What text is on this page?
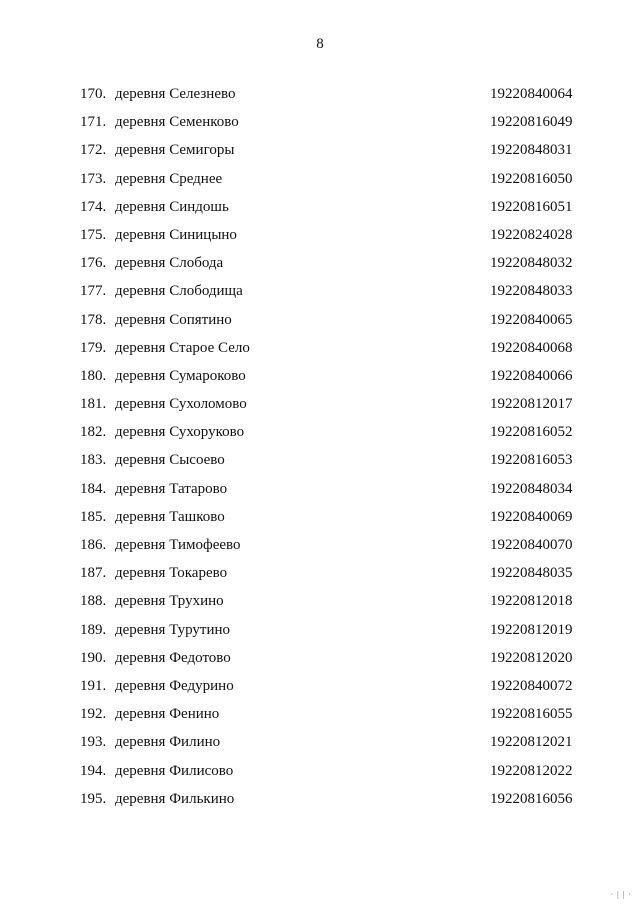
8
170. деревня Селезнево	19220840064
171. деревня Семенково	19220816049
172. деревня Семигоры	19220848031
173. деревня Среднее	19220816050
174. деревня Синдошь	19220816051
175. деревня Синицыно	19220824028
176. деревня Слобода	19220848032
177. деревня Слободища	19220848033
178. деревня Сопятино	19220840065
179. деревня Старое Село	19220840068
180. деревня Сумароково	19220840066
181. деревня Сухоломово	19220812017
182. деревня Сухоруково	19220816052
183. деревня Сысоево	19220816053
184. деревня Татарово	19220848034
185. деревня Ташково	19220840069
186. деревня Тимофеево	19220840070
187. деревня Токарево	19220848035
188. деревня Трухино	19220812018
189. деревня Турутино	19220812019
190. деревня Федотово	19220812020
191. деревня Федурино	19220840072
192. деревня Фенино	19220816055
193. деревня Филино	19220812021
194. деревня Филисово	19220812022
195. деревня Филькино	19220816056
· | | ·
